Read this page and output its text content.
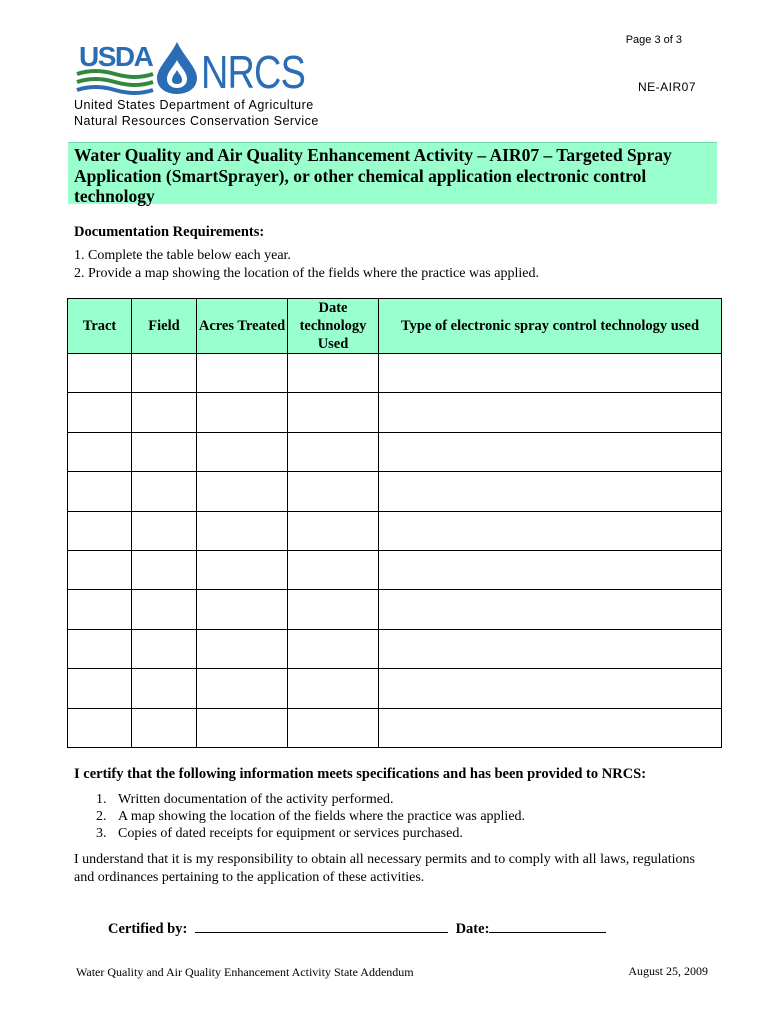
Page 3 of 3
NE-AIR07
USDA NRCS
United States Department of Agriculture
Natural Resources Conservation Service
Water Quality and Air Quality Enhancement Activity – AIR07 – Targeted Spray Application (SmartSprayer), or other chemical application electronic control technology
Documentation Requirements:
1. Complete the table below each year.
2. Provide a map showing the location of the fields where the practice was applied.
Tract	Field	Acres Treated	Date technology Used	Type of electronic spray control technology used

I certify that the following information meets specifications and has been provided to NRCS:
1. Written documentation of the activity performed.
2. A map showing the location of the fields where the practice was applied.
3. Copies of dated receipts for equipment or services purchased.
I understand that it is my responsibility to obtain all necessary permits and to comply with all laws, regulations and ordinances pertaining to the application of these activities.
Certified by:	Date:
Water Quality and Air Quality Enhancement Activity State Addendum	August 25, 2009
